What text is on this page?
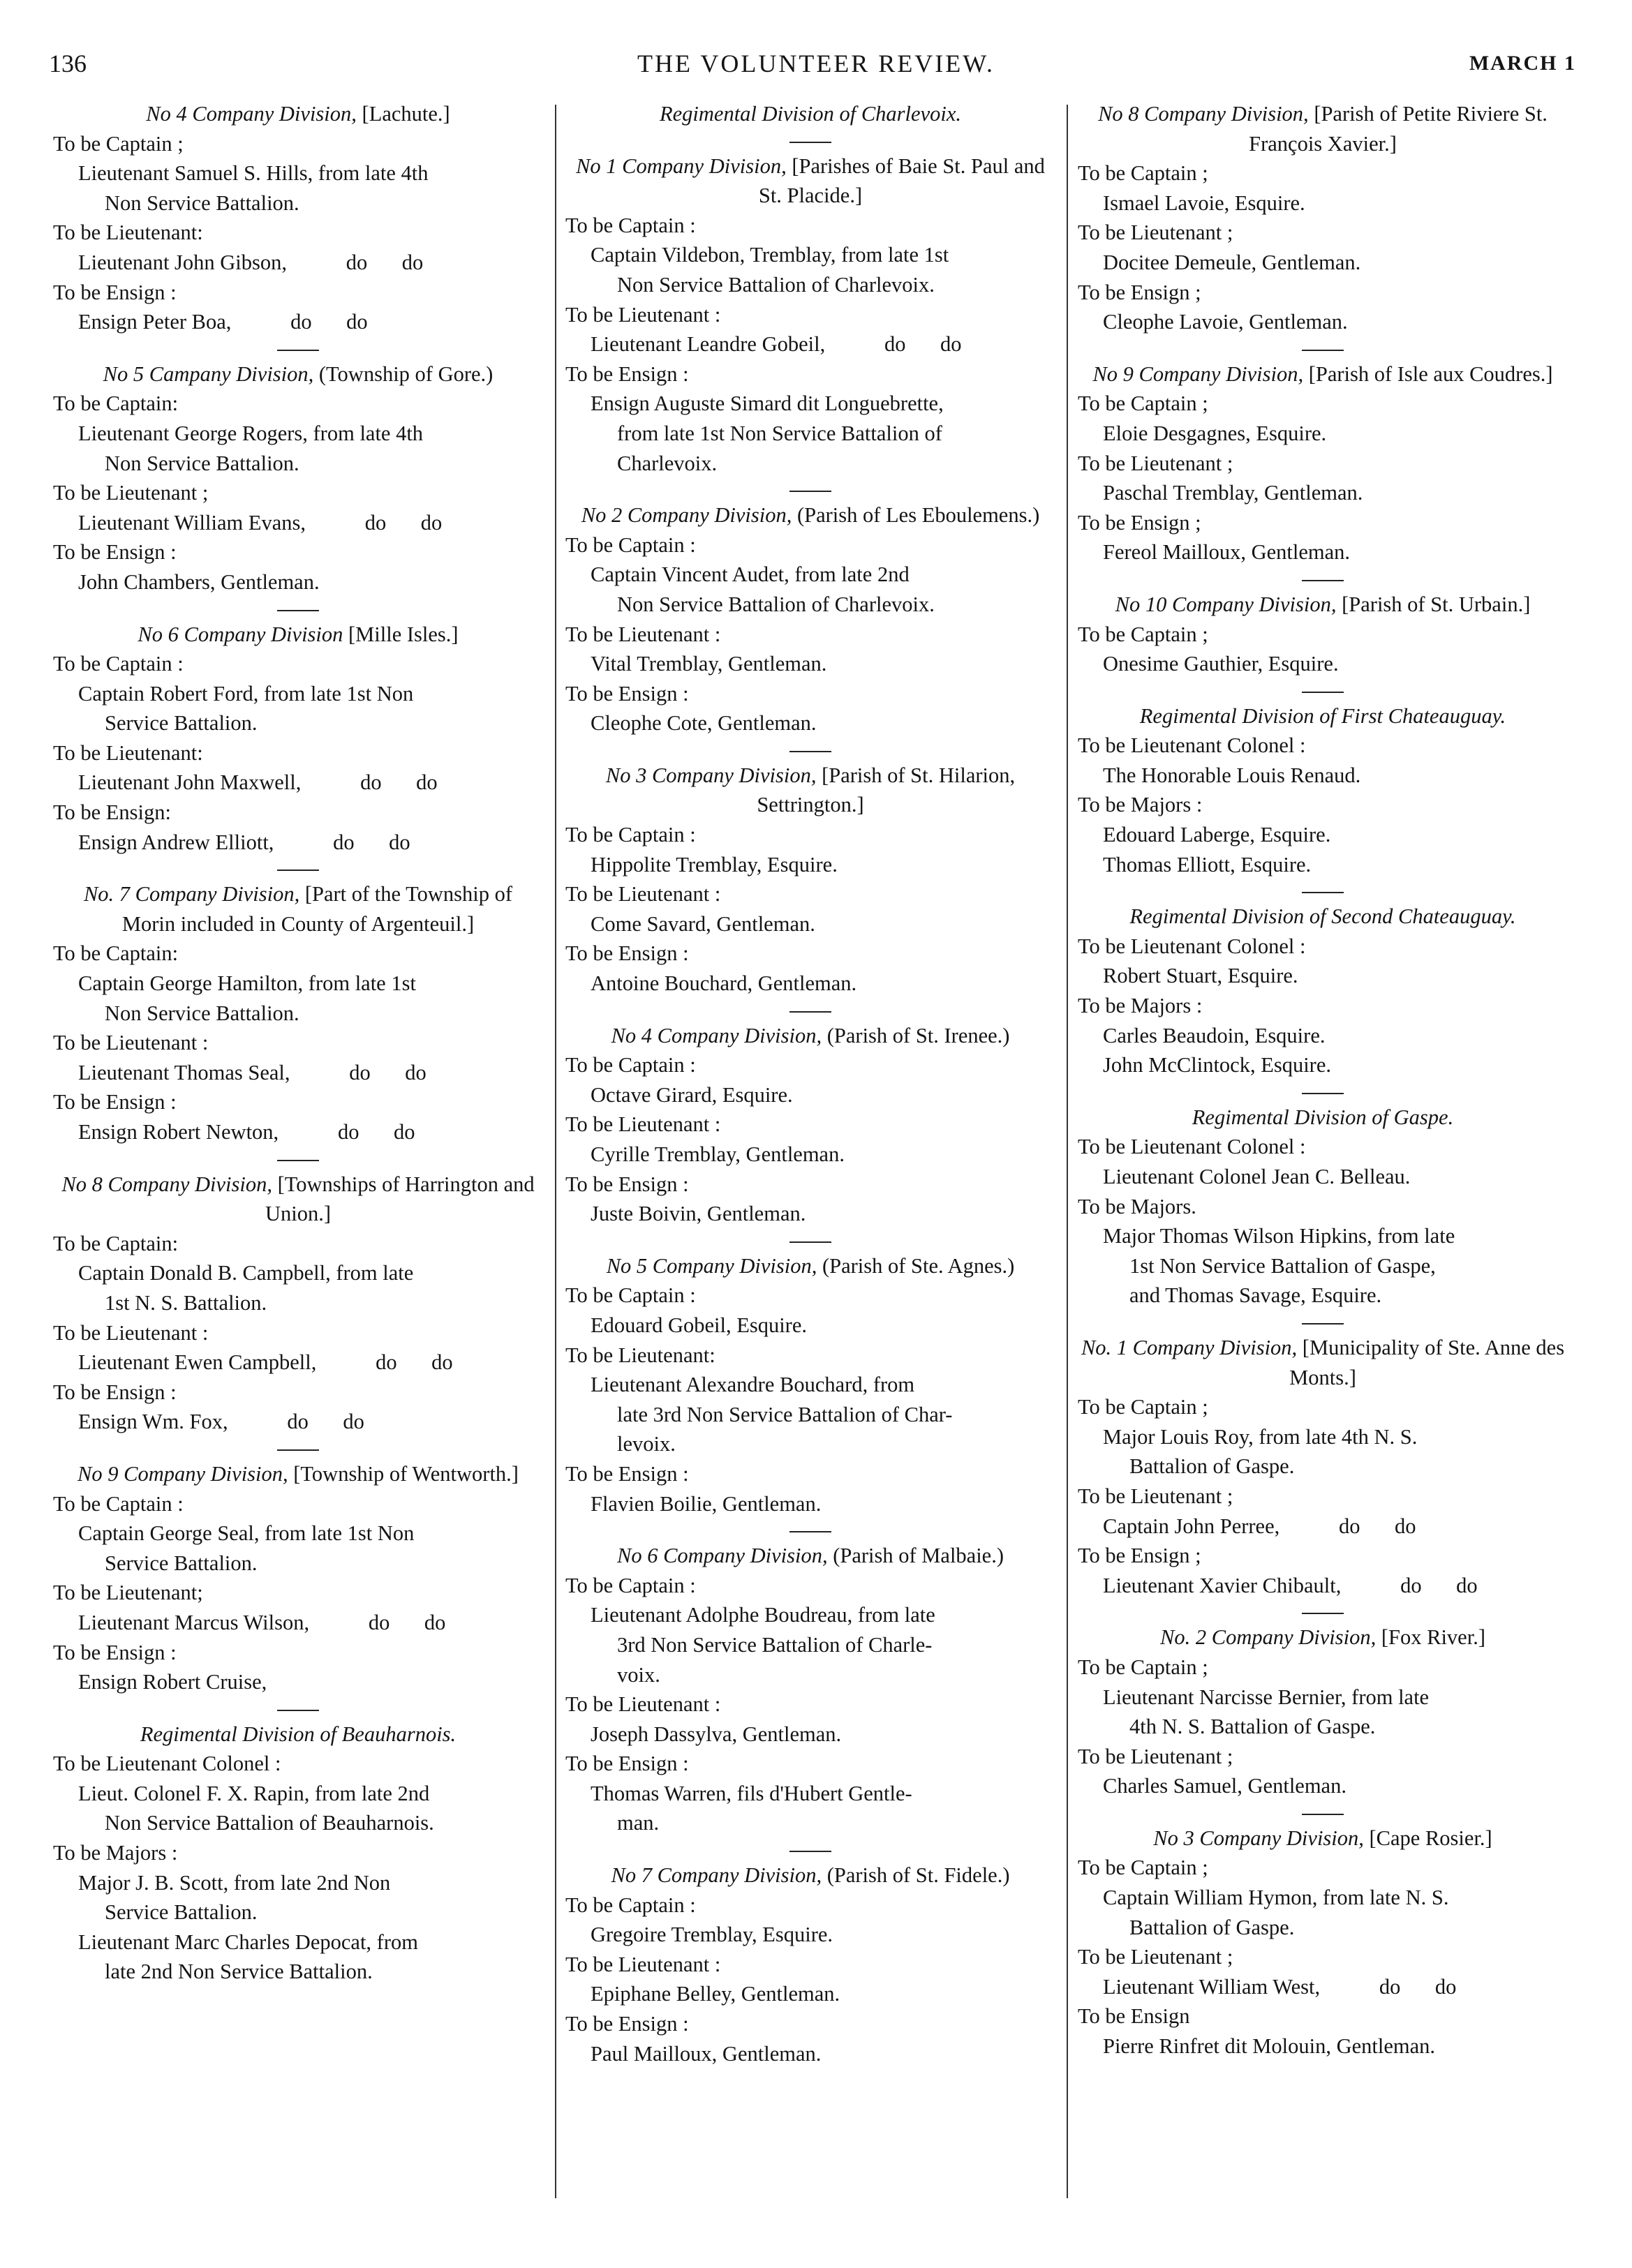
136	THE VOLUNTEER REVIEW.	MARCH 1
No 4 Company Division, [Lachute.]
To be Captain ;
Lieutenant Samuel S. Hills, from late 4th
Non Service Battalion.
To be Lieutenant:
Lieutenant John Gibson,	do do
To be Ensign :
Ensign Peter Boa,	do do
No 5 Campany Division, (Township of Gore.)
To be Captain:
Lieutenant George Rogers, from late 4th
Non Service Battalion.
To be Lieutenant ;
Lieutenant William Evans,	do do
To be Ensign :
John Chambers, Gentleman.
No 6 Company Division [Mille Isles.]
To be Captain :
Captain Robert Ford, from late 1st Non
Service Battalion.
To be Lieutenant:
Lieutenant John Maxwell,	do do
To be Ensign:
Ensign Andrew Elliott,	do do
No. 7 Company Division, [Part of the Township of Morin included in County of Argenteuil.]
To be Captain:
Captain George Hamilton, from late 1st
Non Service Battalion.
To be Lieutenant :
Lieutenant Thomas Seal,	do do
To be Ensign :
Ensign Robert Newton,	do do
No 8 Company Division, [Townships of Harrington and Union.]
To be Captain:
Captain Donald B. Campbell, from late
1st N. S. Battalion.
To be Lieutenant :
Lieutenant Ewen Campbell,	do do
To be Ensign :
Ensign Wm. Fox,	do do
No 9 Company Division, [Township of Wentworth.]
To be Captain :
Captain George Seal, from late 1st Non
Service Battalion.
To be Lieutenant;
Lieutenant Marcus Wilson,	do do
To be Ensign :
Ensign Robert Cruise,
Regimental Division of Beauharnois.
To be Lieutenant Colonel :
Lieut. Colonel F. X. Rapin, from late 2nd
Non Service Battalion of Beauharnois.
To be Majors :
Major J. B. Scott, from late 2nd Non
Service Battalion.
Lieutenant Marc Charles Depocat, from
late 2nd Non Service Battalion.
Regimental Division of Charlevoix.
No 1 Company Division, [Parishes of Baie St. Paul and St. Placide.]
To be Captain :
Captain Vildebon, Tremblay, from late 1st
Non Service Battalion of Charlevoix.
To be Lieutenant :
Lieutenant Leandre Gobeil,	do do
To be Ensign :
Ensign Auguste Simard dit Longuebrette,
from late 1st Non Service Battalion of
Charlevoix.
No 2 Company Division, (Parish of Les Eboulemens.)
To be Captain :
Captain Vincent Audet, from late 2nd
Non Service Battalion of Charlevoix.
To be Lieutenant :
Vital Tremblay, Gentleman.
To be Ensign :
Cleophe Cote, Gentleman.
No 3 Company Division, [Parish of St. Hilarion, Settrington.]
To be Captain :
Hippolite Tremblay, Esquire.
To be Lieutenant :
Come Savard, Gentleman.
To be Ensign :
Antoine Bouchard, Gentleman.
No 4 Company Division, (Parish of St. Irenee.)
To be Captain :
Octave Girard, Esquire.
To be Lieutenant :
Cyrille Tremblay, Gentleman.
To be Ensign :
Juste Boivin, Gentleman.
No 5 Company Division, (Parish of Ste. Agnes.)
To be Captain :
Edouard Gobeil, Esquire.
To be Lieutenant:
Lieutenant Alexandre Bouchard, from
late 3rd Non Service Battalion of Char-
levoix.
To be Ensign :
Flavien Boilie, Gentleman.
No 6 Company Division, (Parish of Malbaie.)
To be Captain :
Lieutenant Adolphe Boudreau, from late
3rd Non Service Battalion of Charle-
voix.
To be Lieutenant :
Joseph Dassylva, Gentleman.
To be Ensign :
Thomas Warren, fils d'Hubert Gentle-
man.
No 7 Company Division, (Parish of St. Fidele.)
To be Captain :
Gregoire Tremblay, Esquire.
To be Lieutenant :
Epiphane Belley, Gentleman.
To be Ensign :
Paul Mailloux, Gentleman.
No 8 Company Division, [Parish of Petite Riviere St. François Xavier.]
To be Captain ;
Ismael Lavoie, Esquire.
To be Lieutenant ;
Docitee Demeule, Gentleman.
To be Ensign ;
Cleophe Lavoie, Gentleman.
No 9 Company Division, [Parish of Isle aux Coudres.]
To be Captain ;
Eloie Desgagnes, Esquire.
To be Lieutenant ;
Paschal Tremblay, Gentleman.
To be Ensign ;
Fereol Mailloux, Gentleman.
No 10 Company Division, [Parish of St. Urbain.]
To be Captain ;
Onesime Gauthier, Esquire.
Regimental Division of First Chateauguay.
To be Lieutenant Colonel :
The Honorable Louis Renaud.
To be Majors :
Edouard Laberge, Esquire.
Thomas Elliott, Esquire.
Regimental Division of Second Chateauguay.
To be Lieutenant Colonel :
Robert Stuart, Esquire.
To be Majors :
Carles Beaudoin, Esquire.
John McClintock, Esquire.
Regimental Division of Gaspe.
To be Lieutenant Colonel :
Lieutenant Colonel Jean C. Belleau.
To be Majors.
Major Thomas Wilson Hipkins, from late
1st Non Service Battalion of Gaspe,
and Thomas Savage, Esquire.
No. 1 Company Division, [Municipality of Ste. Anne des Monts.]
To be Captain ;
Major Louis Roy, from late 4th N. S.
Battalion of Gaspe.
To be Lieutenant ;
Captain John Perree,	do do
To be Ensign ;
Lieutenant Xavier Chibault,	do do
No. 2 Company Division, [Fox River.]
To be Captain ;
Lieutenant Narcisse Bernier, from late
4th N. S. Battalion of Gaspe.
To be Lieutenant ;
Charles Samuel, Gentleman.
No 3 Company Division, [Cape Rosier.]
To be Captain ;
Captain William Hymon, from late N. S.
Battalion of Gaspe.
To be Lieutenant ;
Lieutenant William West,	do do
To be Ensign
Pierre Rinfret dit Molouin, Gentleman.
